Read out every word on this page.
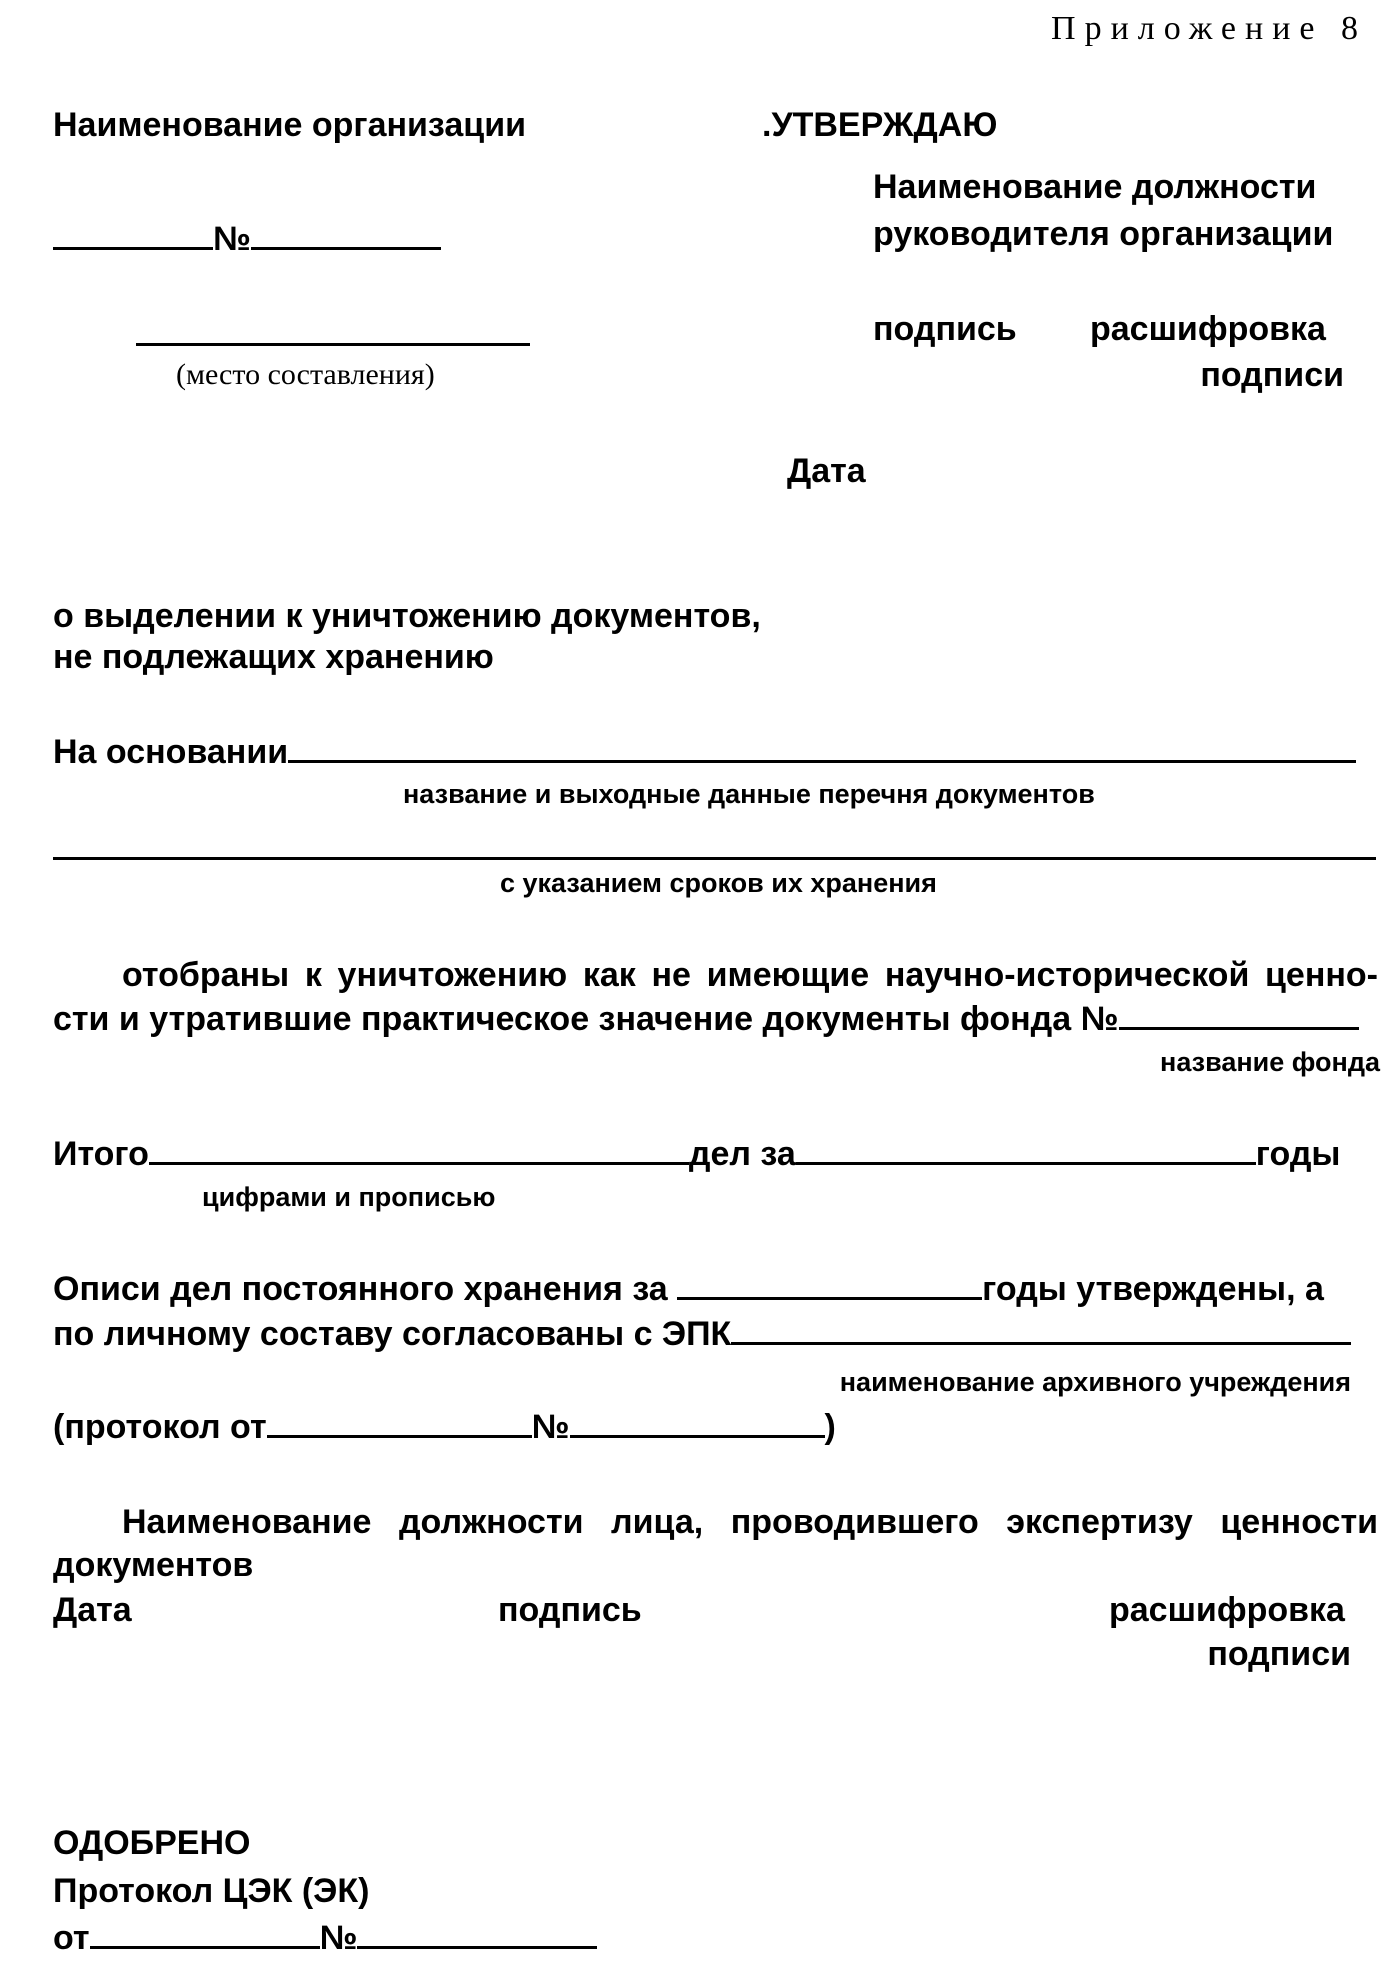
Приложение 8
Наименование организации
№
(место составления)
.УТВЕРЖДАЮ
Наименование должности
руководителя организации
подпись расшифровка
подписи
Дата
о выделении к уничтожению документов,
не подлежащих хранению
На основании
название и выходные данные перечня документов
с указанием сроков их хранения
отобраны к уничтожению как не имеющие научно-исторической ценно-
сти и утратившие практическое значение документы фонда №
название фонда
Итого	дел за	годы
цифрами и прописью
Описи дел постоянного хранения за	годы утверждены, а
по личному составу согласованы с ЭПК
наименование архивного учреждения
(протокол от	№	)
Наименование должности лица, проводившего экспертизу ценности
документов
Дата	подпись	расшифровка
подписи
ОДОБРЕНО
Протокол ЦЭК (ЭК)
от	№
